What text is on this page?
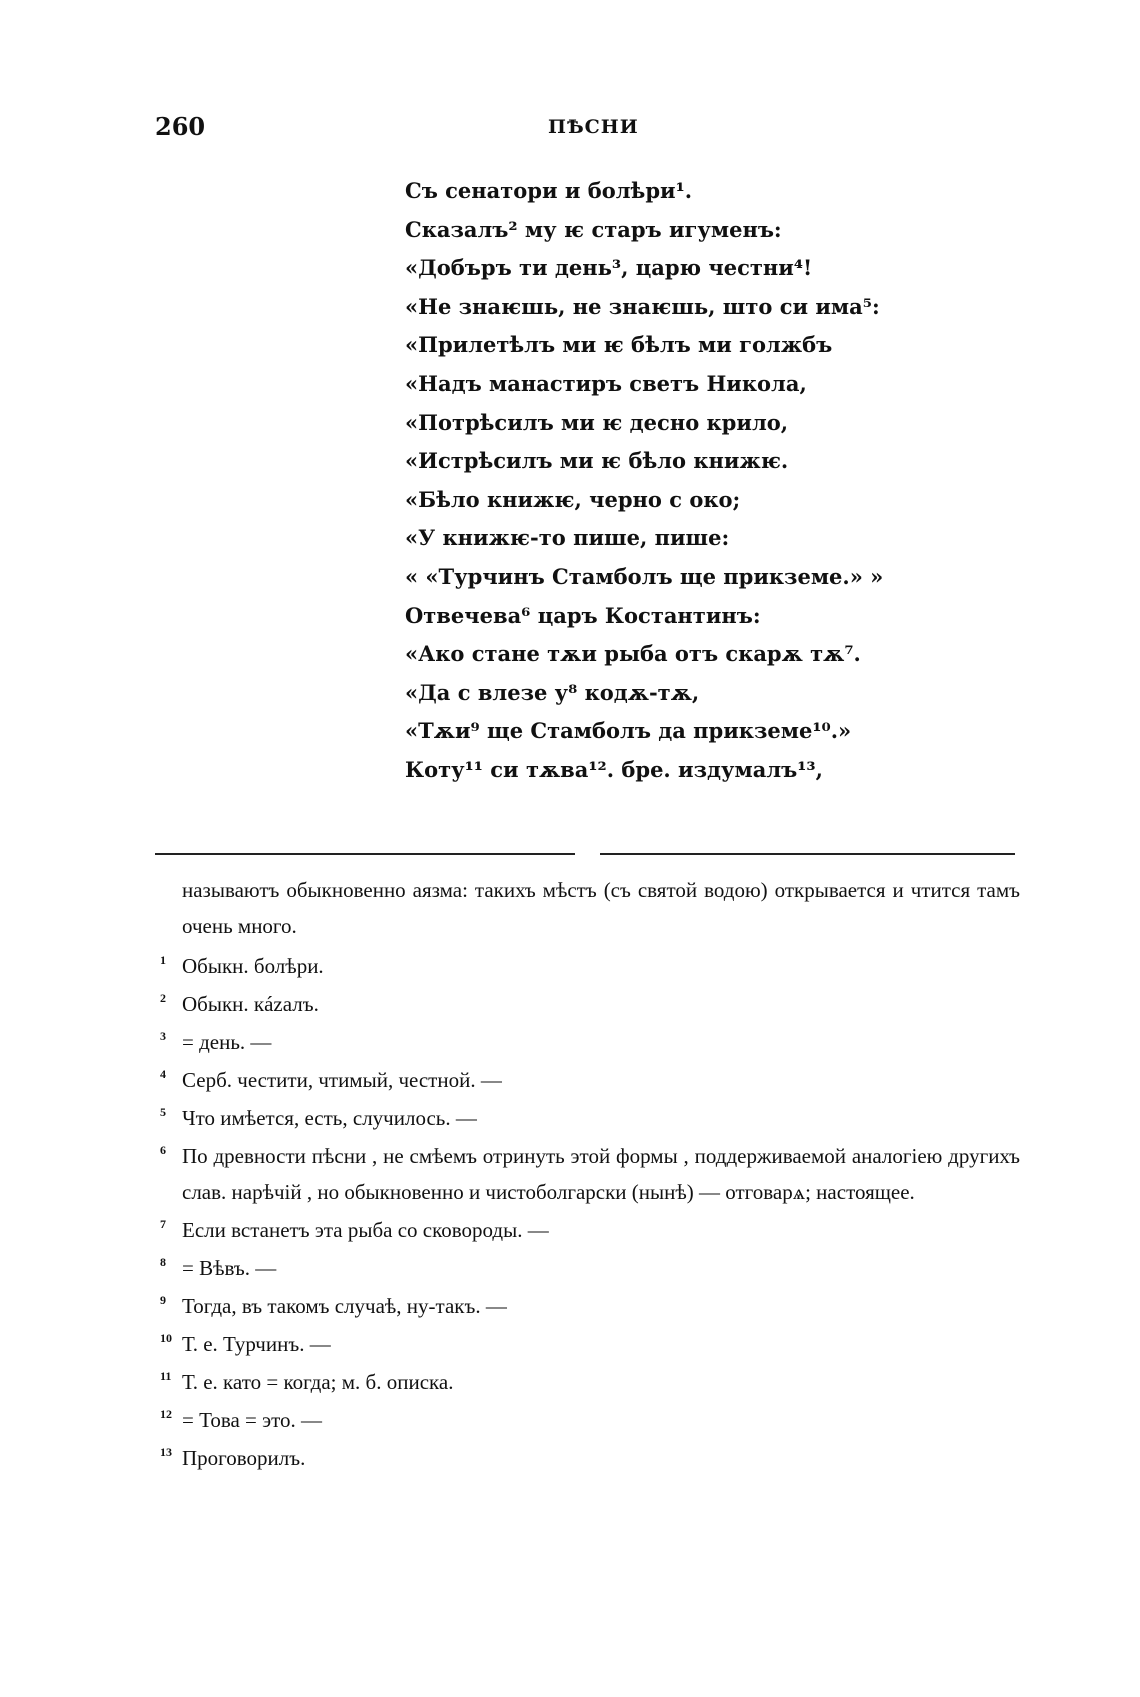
260	ПѢСНИ
Съ сенатори и болѣри¹.
Сказалъ² му ѥ старъ игуменъ:
«Добъръ ти день³, царю честни⁴!
«Не знаѥшь, не знаѥшь, што си има⁵:
«Прилетѣлъ ми ѥ бѣлъ ми голжбъ
«Надъ манастиръ светъ Никола,
«Потрѣсилъ ми ѥ десно крило,
«Истрѣсилъ ми ѥ бѣло книжѥ.
«Бѣло книжѥ, черно с око;
«У книжѥ-то пише, пише:
« «Турчинъ Стамболъ ще прикземе.» »
Отвечева⁶ царъ Костантинъ:
«Ако стане тѫи рыба отъ скарѫ тѫ⁷.
«Да с влезе у⁸ кодѫ-тѫ,
«Тѫи⁹ ще Стамболъ да прикземе¹⁰.»
Коту¹¹ си тѫва¹². бре. издумалъ¹³,

называютъ обыкновенно аязма: такихъ мѣстъ (съ святой водою) открывается и чтится тамъ очень много.

1 Обыкн. болѣри.
2 Обыкн. кázалъ.
3 = день. —
4 Серб. честити, чтимый, честной. —
5 Что имѣется, есть, случилось. —
6 По древности пѣсни , не смѣемъ отринуть этой формы , поддерживаемой аналогiею другихъ слав. нарѣчiй , но обыкновенно и чистоболгарски (нынѣ) — отговарѧ; настоящее.
7 Если встанетъ эта рыба со сковороды. —
8 = Вѣвъ. —
9 Тогда, въ такомъ случаѣ, ну-такъ. —
10 Т. е. Турчинъ. —
11 Т. е. като = когда; м. б. описка.
12 = Това = это. —
13 Проговорилъ.
